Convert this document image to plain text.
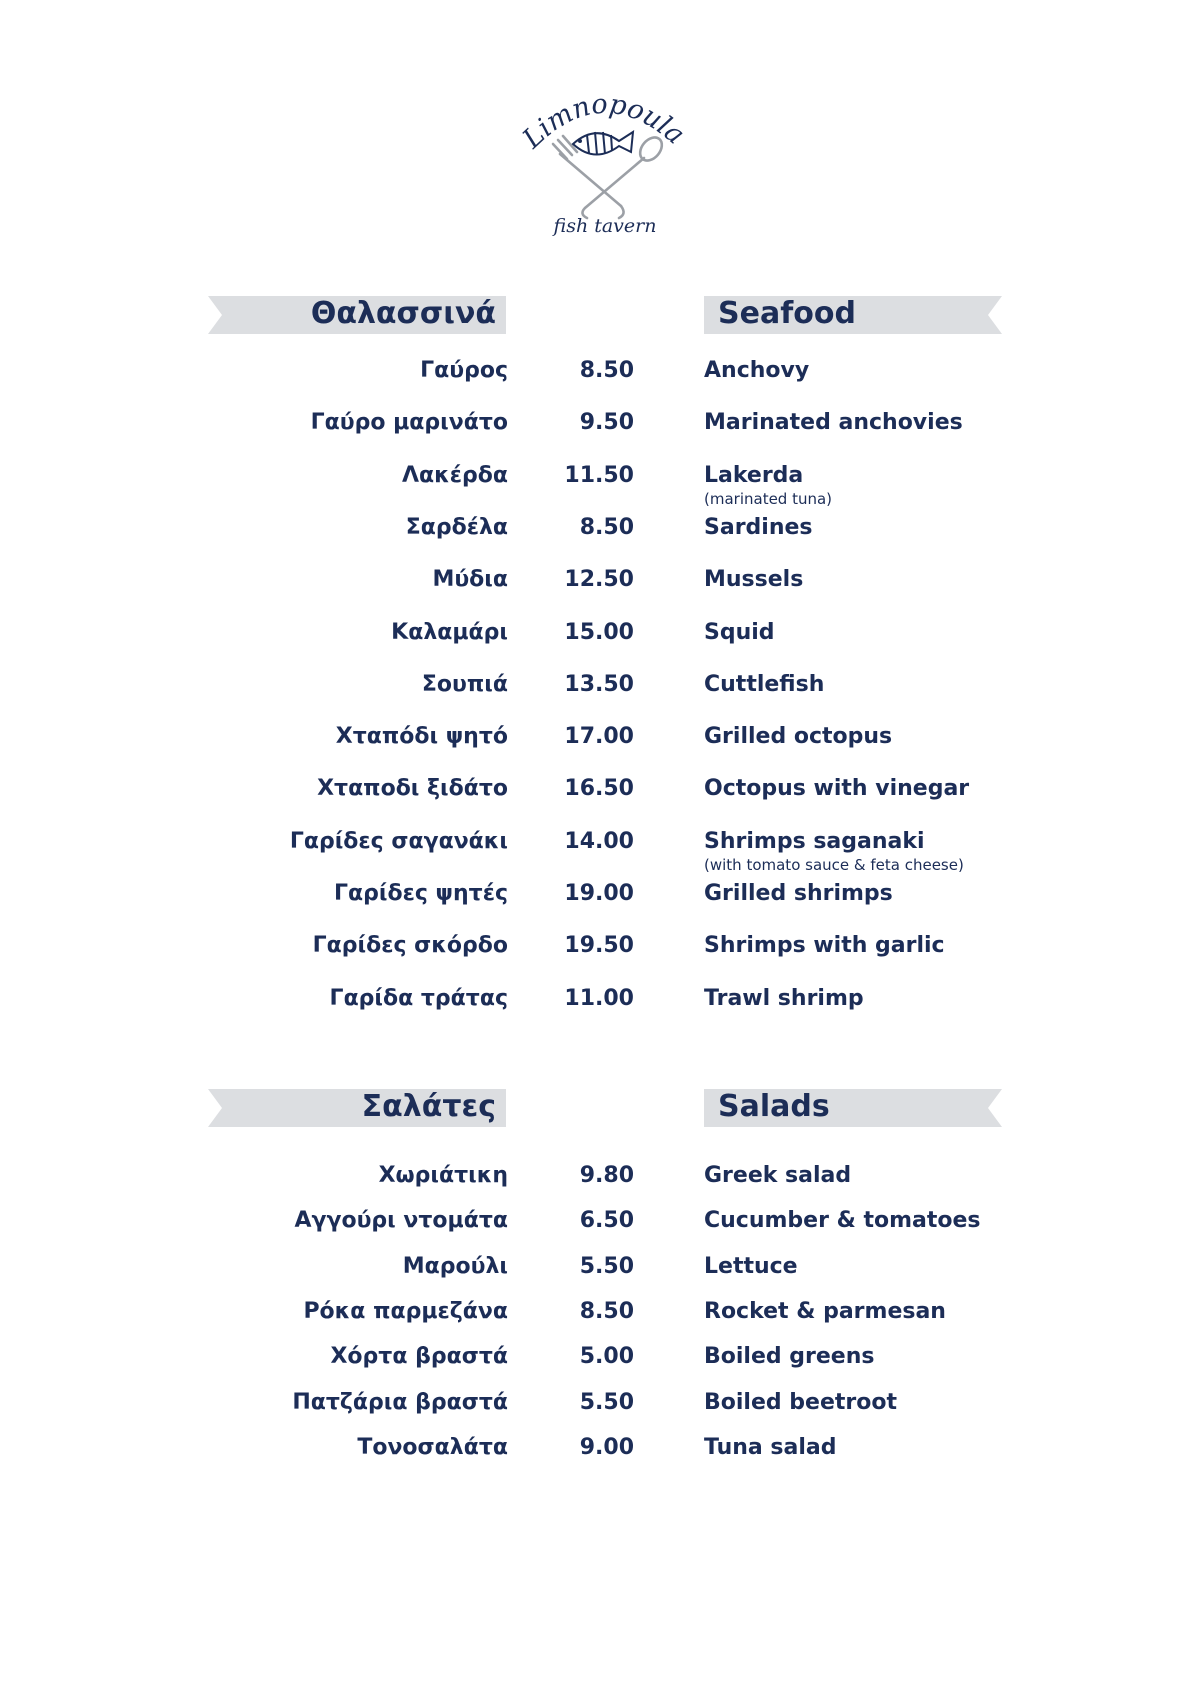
Limnopoula
fish tavern
Θαλασσινά	Seafood
Γαύρος	8.50	Anchovy
Γαύρο μαρινάτο	9.50	Marinated anchovies
Λακέρδα	11.50	Lakerda
(marinated tuna)
Σαρδέλα	8.50	Sardines
Μύδια	12.50	Mussels
Καλαμάρι	15.00	Squid
Σουπιά	13.50	Cuttlefish
Χταπόδι ψητό	17.00	Grilled octopus
Χταποδι ξιδάτο	16.50	Octopus with vinegar
Γαρίδες σαγανάκι	14.00	Shrimps saganaki
(with tomato sauce & feta cheese)
Γαρίδες ψητές	19.00	Grilled shrimps
Γαρίδες σκόρδο	19.50	Shrimps with garlic
Γαρίδα τράτας	11.00	Trawl shrimp
Σαλάτες	Salads
Χωριάτικη	9.80	Greek salad
Αγγούρι ντομάτα	6.50	Cucumber & tomatoes
Μαρούλι	5.50	Lettuce
Ρόκα παρμεζάνα	8.50	Rocket & parmesan
Χόρτα βραστά	5.00	Boiled greens
Πατζάρια βραστά	5.50	Boiled beetroot
Τονοσαλάτα	9.00	Tuna salad
